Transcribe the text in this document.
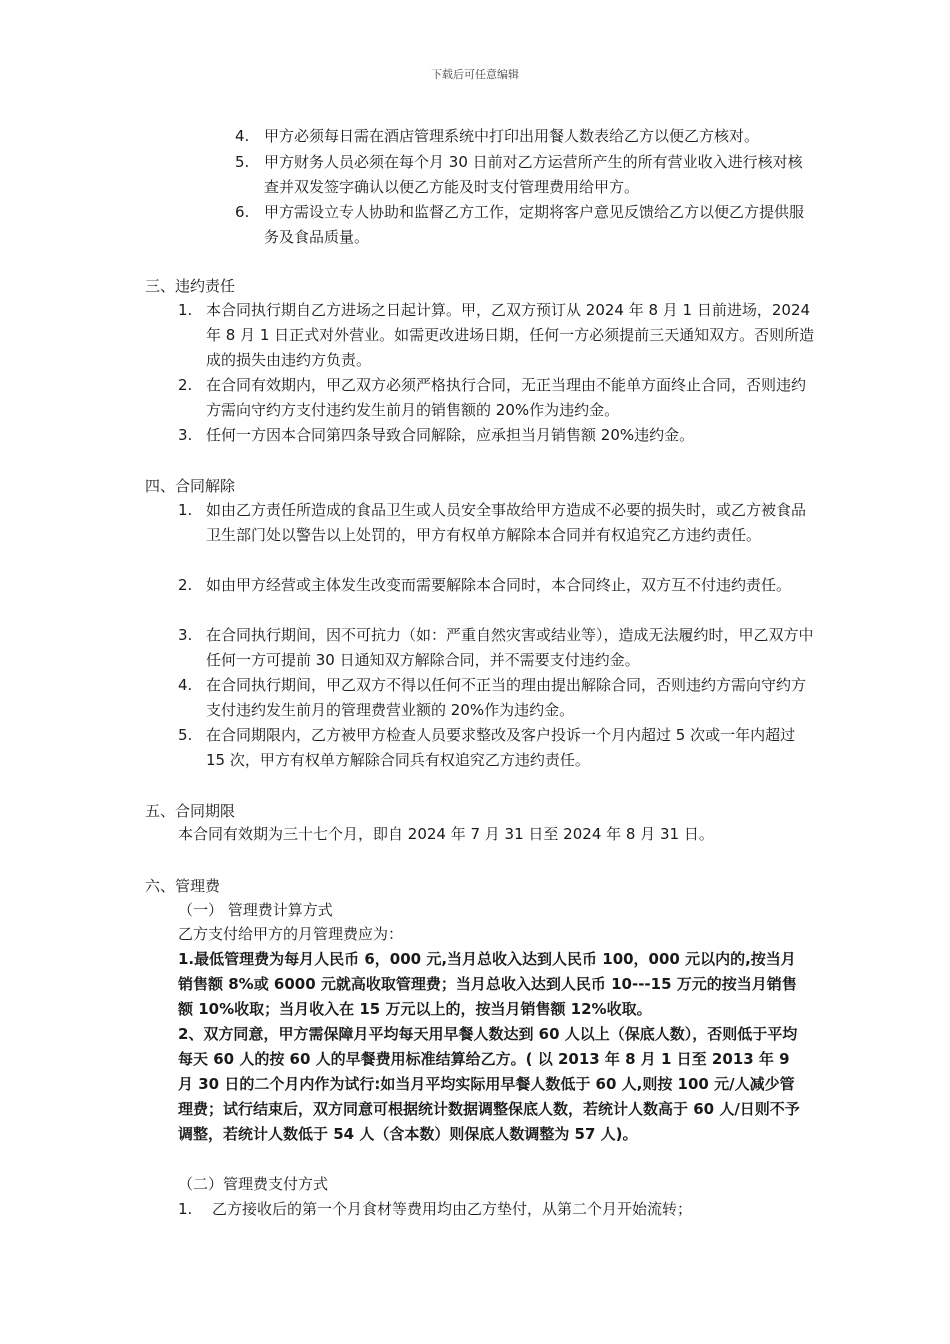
下载后可任意编辑
4. 甲方必须每日需在酒店管理系统中打印出用餐人数表给乙方以便乙方核对。
5. 甲方财务人员必须在每个月 30 日前对乙方运营所产生的所有营业收入进行核对核查并双发签字确认以便乙方能及时支付管理费用给甲方。
6. 甲方需设立专人协助和监督乙方工作，定期将客户意见反馈给乙方以便乙方提供服务及食品质量。
三、违约责任
1. 本合同执行期自乙方进场之日起计算。甲，乙双方预订从 2024 年 8 月 1 日前进场，2024 年 8 月 1 日正式对外营业。如需更改进场日期，任何一方必须提前三天通知双方。否则所造成的损失由违约方负责。
2. 在合同有效期内，甲乙双方必须严格执行合同，无正当理由不能单方面终止合同，否则违约方需向守约方支付违约发生前月的销售额的 20%作为违约金。
3. 任何一方因本合同第四条导致合同解除，应承担当月销售额 20%违约金。
四、合同解除
1. 如由乙方责任所造成的食品卫生或人员安全事故给甲方造成不必要的损失时，或乙方被食品卫生部门处以警告以上处罚的，甲方有权单方解除本合同并有权追究乙方违约责任。
2. 如由甲方经营或主体发生改变而需要解除本合同时，本合同终止，双方互不付违约责任。
3. 在合同执行期间，因不可抗力（如：严重自然灾害或结业等），造成无法履约时，甲乙双方中任何一方可提前 30 日通知双方解除合同，并不需要支付违约金。
4. 在合同执行期间，甲乙双方不得以任何不正当的理由提出解除合同，否则违约方需向守约方支付违约发生前月的管理费营业额的 20%作为违约金。
5. 在合同期限内，乙方被甲方检查人员要求整改及客户投诉一个月内超过 5 次或一年内超过 15 次，甲方有权单方解除合同兵有权追究乙方违约责任。
五、合同期限
本合同有效期为三十七个月，即自 2024 年 7 月 31 日至 2024 年 8 月 31 日。
六、管理费
（一） 管理费计算方式
乙方支付给甲方的月管理费应为：
1.最低管理费为每月人民币 6，000 元,当月总收入达到人民币 100，000 元以内的,按当月销售额 8%或 6000 元就高收取管理费；当月总收入达到人民币 10---15 万元的按当月销售额 10%收取；当月收入在 15 万元以上的，按当月销售额 12%收取。
2、双方同意，甲方需保障月平均每天用早餐人数达到 60 人以上（保底人数），否则低于平均每天 60 人的按 60 人的早餐费用标准结算给乙方。( 以 2013 年 8 月 1 日至 2013 年 9 月 30 日的二个月内作为试行:如当月平均实际用早餐人数低于 60 人,则按 100 元/人减少管理费；试行结束后，双方同意可根据统计数据调整保底人数，若统计人数高于 60 人/日则不予调整，若统计人数低于 54 人（含本数）则保底人数调整为 57 人)。
（二）管理费支付方式
1. 乙方接收后的第一个月食材等费用均由乙方垫付，从第二个月开始流转；
